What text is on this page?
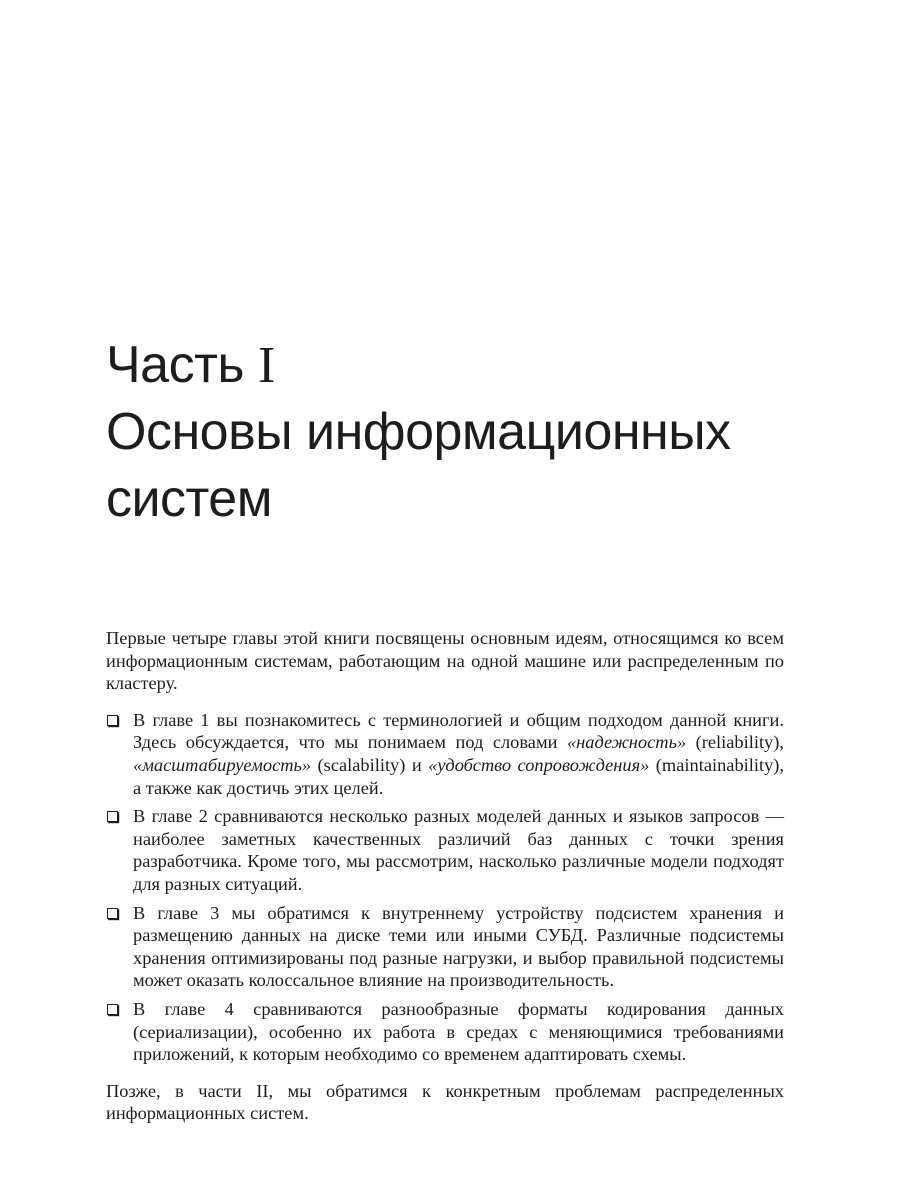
Часть I
Основы информационных
систем

Первые четыре главы этой книги посвящены основным идеям, относящимся ко всем информационным системам, работающим на одной машине или распределенным по кластеру.

В главе 1 вы познакомитесь с терминологией и общим подходом данной книги. Здесь обсуждается, что мы понимаем под словами «надежность» (reliability), «масштабируемость» (scalability) и «удобство сопровождения» (maintainability), а также как достичь этих целей.
В главе 2 сравниваются несколько разных моделей данных и языков запросов — наиболее заметных качественных различий баз данных с точки зрения разработчика. Кроме того, мы рассмотрим, насколько различные модели подходят для разных ситуаций.
В главе 3 мы обратимся к внутреннему устройству подсистем хранения и размещению данных на диске теми или иными СУБД. Различные подсистемы хранения оптимизированы под разные нагрузки, и выбор правильной подсистемы может оказать колоссальное влияние на производительность.
В главе 4 сравниваются разнообразные форматы кодирования данных (сериализации), особенно их работа в средах с меняющимися требованиями приложений, к которым необходимо со временем адаптировать схемы.

Позже, в части II, мы обратимся к конкретным проблемам распределенных информационных систем.
